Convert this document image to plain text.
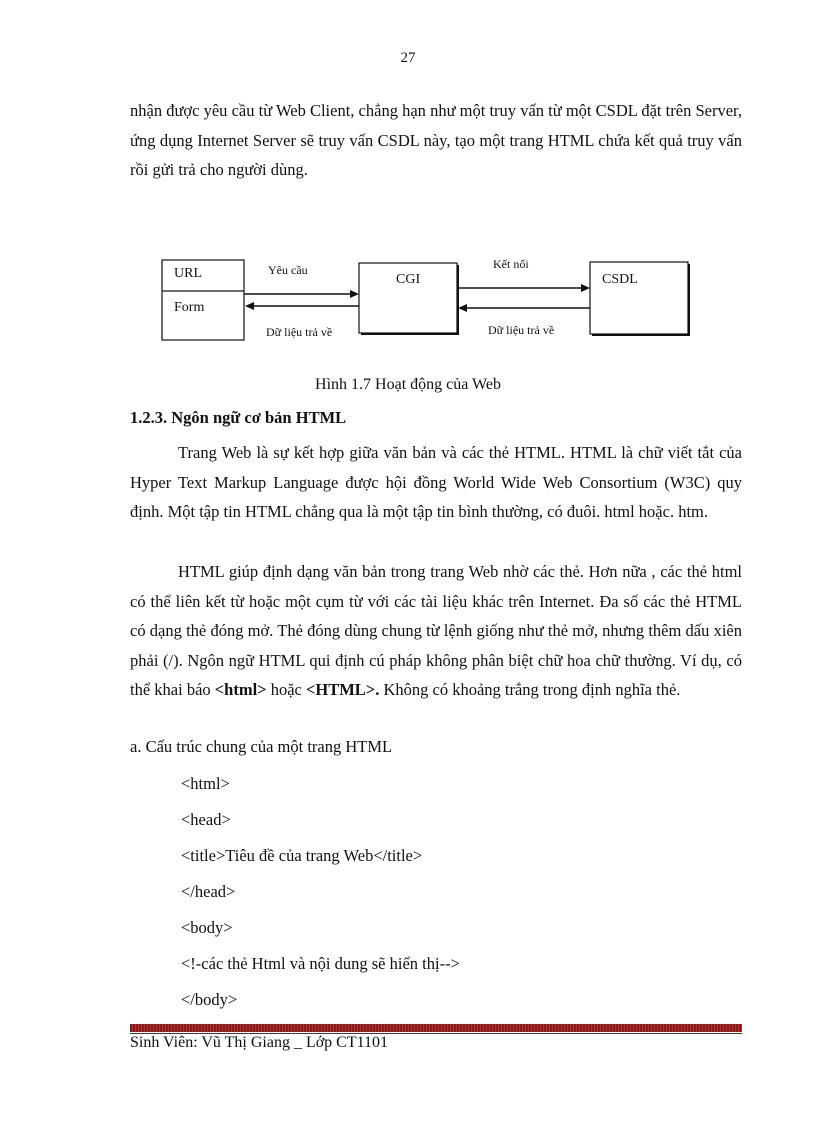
27

nhận được yêu cầu từ Web Client, chẳng hạn như một truy vấn từ một CSDL đặt trên Server, ứng dụng Internet Server sẽ truy vấn CSDL này, tạo một trang HTML chứa kết quả truy vấn rồi gửi trả cho người dùng.

URL
Form
CGI	CSDL
Yêu cầu
Dữ liệu trả về
Kết nối
Dữ liệu trả về
Hình 1.7 Hoạt động của Web
1.2.3. Ngôn ngữ cơ bản HTML

Trang Web là sự kết hợp giữa văn bản và các thẻ HTML. HTML là chữ viết tắt của Hyper Text Markup Language được hội đồng World Wide Web Consortium (W3C) quy định. Một tập tin HTML chẳng qua là một tập tin bình thường, có đuôi. html hoặc. htm.

HTML giúp định dạng văn bản trong trang Web nhờ các thẻ. Hơn nữa , các thẻ html có thể liên kết từ hoặc một cụm từ với các tài liệu khác trên Internet. Đa số các thẻ HTML có dạng thẻ đóng mở. Thẻ đóng dùng chung từ lệnh giống như thẻ mở, nhưng thêm dấu xiên phải (/). Ngôn ngữ HTML qui định cú pháp không phân biệt chữ hoa chữ thường. Ví dụ, có thể khai báo <html> hoặc <HTML>. Không có khoảng trắng trong định nghĩa thẻ.

a. Cấu trúc chung của một trang HTML

<html>

<head>

<title>Tiêu đề của trang Web</title>

</head>

<body>

<!-các thẻ Html và nội dung sẽ hiển thị-->

</body>

Sinh Viên: Vũ Thị Giang _ Lớp CT1101
